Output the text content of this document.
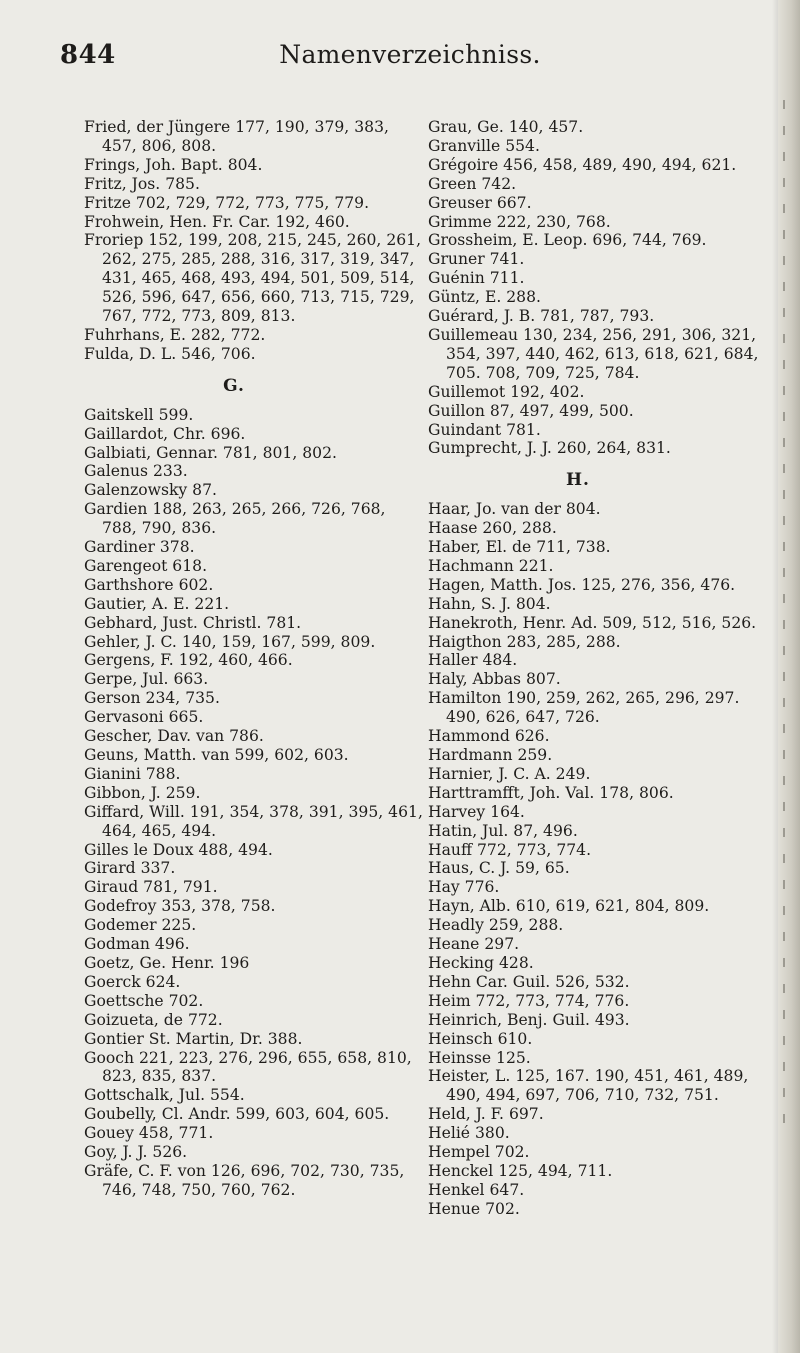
844	Namenverzeichniss.

Fried, der Jüngere 177, 190, 379, 383, 457, 806, 808.

Frings, Joh. Bapt. 804.

Fritz, Jos. 785.

Fritze 702, 729, 772, 773, 775, 779.

Frohwein, Hen. Fr. Car. 192, 460.

Froriep 152, 199, 208, 215, 245, 260, 261, 262, 275, 285, 288, 316, 317, 319, 347, 431, 465, 468, 493, 494, 501, 509, 514, 526, 596, 647, 656, 660, 713, 715, 729, 767, 772, 773, 809, 813.

Fuhrhans, E. 282, 772.

Fulda, D. L. 546, 706.

G.

Gaitskell 599.

Gaillardot, Chr. 696.

Galbiati, Gennar. 781, 801, 802.

Galenus 233.

Galenzowsky 87.

Gardien 188, 263, 265, 266, 726, 768, 788, 790, 836.

Gardiner 378.

Garengeot 618.

Garthshore 602.

Gautier, A. E. 221.

Gebhard, Just. Christl. 781.

Gehler, J. C. 140, 159, 167, 599, 809.

Gergens, F. 192, 460, 466.

Gerpe, Jul. 663.

Gerson 234, 735.

Gervasoni 665.

Gescher, Dav. van 786.

Geuns, Matth. van 599, 602, 603.

Gianini 788.

Gibbon, J. 259.

Giffard, Will. 191, 354, 378, 391, 395, 461, 464, 465, 494.

Gilles le Doux 488, 494.

Girard 337.

Giraud 781, 791.

Godefroy 353, 378, 758.

Godemer 225.

Godman 496.

Goetz, Ge. Henr. 196

Goerck 624.

Goettsche 702.

Goizueta, de 772.

Gontier St. Martin, Dr. 388.

Gooch 221, 223, 276, 296, 655, 658, 810, 823, 835, 837.

Gottschalk, Jul. 554.

Goubelly, Cl. Andr. 599, 603, 604, 605.

Gouey 458, 771.

Goy, J. J. 526.

Gräfe, C. F. von 126, 696, 702, 730, 735, 746, 748, 750, 760, 762.

Grau, Ge. 140, 457.

Granville 554.

Grégoire 456, 458, 489, 490, 494, 621.

Green 742.

Greuser 667.

Grimme 222, 230, 768.

Grossheim, E. Leop. 696, 744, 769.

Gruner 741.

Guénin 711.

Güntz, E. 288.

Guérard, J. B. 781, 787, 793.

Guillemeau 130, 234, 256, 291, 306, 321, 354, 397, 440, 462, 613, 618, 621, 684, 705. 708, 709, 725, 784.

Guillemot 192, 402.

Guillon 87, 497, 499, 500.

Guindant 781.

Gumprecht, J. J. 260, 264, 831.

H.

Haar, Jo. van der 804.

Haase 260, 288.

Haber, El. de 711, 738.

Hachmann 221.

Hagen, Matth. Jos. 125, 276, 356, 476.

Hahn, S. J. 804.

Hanekroth, Henr. Ad. 509, 512, 516, 526.

Haigthon 283, 285, 288.

Haller 484.

Haly, Abbas 807.

Hamilton 190, 259, 262, 265, 296, 297. 490, 626, 647, 726.

Hammond 626.

Hardmann 259.

Harnier, J. C. A. 249.

Harttramfft, Joh. Val. 178, 806.

Harvey 164.

Hatin, Jul. 87, 496.

Hauff 772, 773, 774.

Haus, C. J. 59, 65.

Hay 776.

Hayn, Alb. 610, 619, 621, 804, 809.

Headly 259, 288.

Heane 297.

Hecking 428.

Hehn Car. Guil. 526, 532.

Heim 772, 773, 774, 776.

Heinrich, Benj. Guil. 493.

Heinsch 610.

Heinsse 125.

Heister, L. 125, 167. 190, 451, 461, 489, 490, 494, 697, 706, 710, 732, 751.

Held, J. F. 697.

Helié 380.

Hempel 702.

Henckel 125, 494, 711.

Henkel 647.

Henue 702.
